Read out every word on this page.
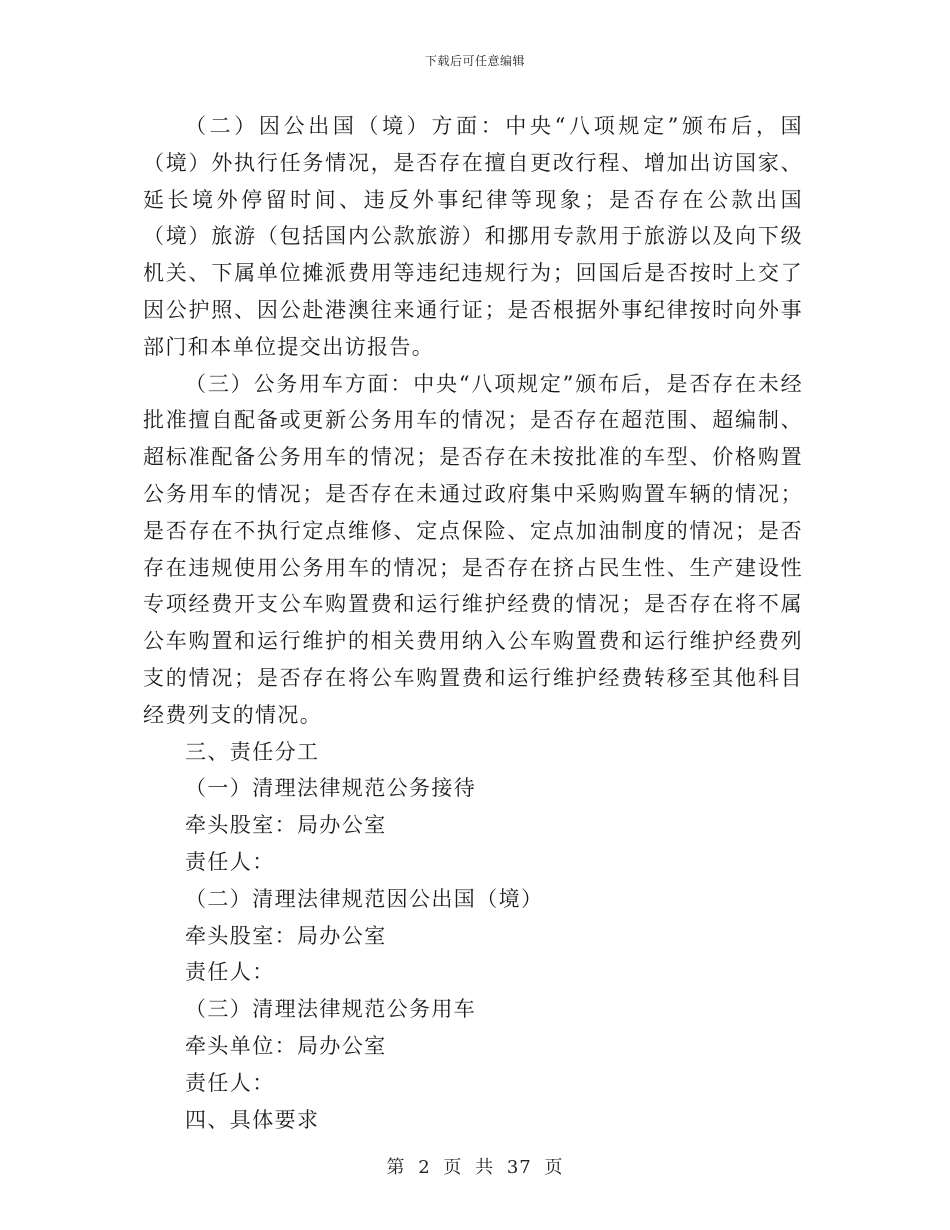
下载后可任意编辑

（二）因公出国（境）方面：中央“八项规定”颁布后，国（境）外执行任务情况，是否存在擅自更改行程、增加出访国家、延长境外停留时间、违反外事纪律等现象；是否存在公款出国（境）旅游（包括国内公款旅游）和挪用专款用于旅游以及向下级机关、下属单位摊派费用等违纪违规行为；回国后是否按时上交了因公护照、因公赴港澳往来通行证；是否根据外事纪律按时向外事部门和本单位提交出访报告。

（三）公务用车方面：中央“八项规定”颁布后，是否存在未经批准擅自配备或更新公务用车的情况；是否存在超范围、超编制、超标准配备公务用车的情况；是否存在未按批准的车型、价格购置公务用车的情况；是否存在未通过政府集中采购购置车辆的情况；是否存在不执行定点维修、定点保险、定点加油制度的情况；是否存在违规使用公务用车的情况；是否存在挤占民生性、生产建设性专项经费开支公车购置费和运行维护经费的情况；是否存在将不属公车购置和运行维护的相关费用纳入公车购置费和运行维护经费列支的情况；是否存在将公车购置费和运行维护经费转移至其他科目经费列支的情况。

三、责任分工

（一）清理法律规范公务接待

牵头股室：局办公室

责任人：

（二）清理法律规范因公出国（境）

牵头股室：局办公室

责任人：

（三）清理法律规范公务用车

牵头单位：局办公室

责任人：

四、具体要求

第 2 页 共 37 页
